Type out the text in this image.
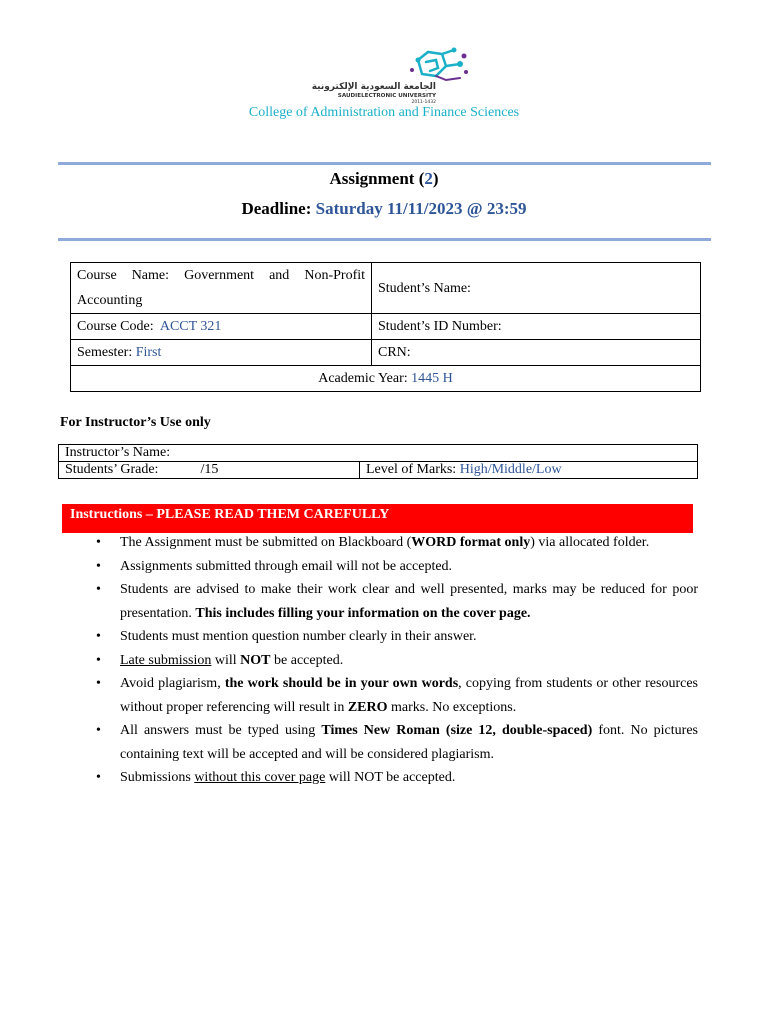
الجامعة السعودية الإلكترونية
SAUDIELECTRONIC UNIVERSITY
2011-1432
College of Administration and Finance Sciences
Assignment (2)
Deadline: Saturday 11/11/2023 @ 23:59
Course Name: Government and Non-Profit Accounting	Student’s Name:
Course Code: ACCT 321	Student’s ID Number:
Semester: First	CRN:
Academic Year: 1445 H	
For Instructor’s Use only
Instructor’s Name:
Students’ Grade:	/15	Level of Marks: High/Middle/Low
Instructions – PLEASE READ THEM CAREFULLY
• The Assignment must be submitted on Blackboard (WORD format only) via allocated folder.
• Assignments submitted through email will not be accepted.
• Students are advised to make their work clear and well presented, marks may be reduced for poor presentation. This includes filling your information on the cover page.
• Students must mention question number clearly in their answer.
• Late submission will NOT be accepted.
• Avoid plagiarism, the work should be in your own words, copying from students or other resources without proper referencing will result in ZERO marks. No exceptions.
• All answers must be typed using Times New Roman (size 12, double-spaced) font. No pictures containing text will be accepted and will be considered plagiarism.
• Submissions without this cover page will NOT be accepted.
